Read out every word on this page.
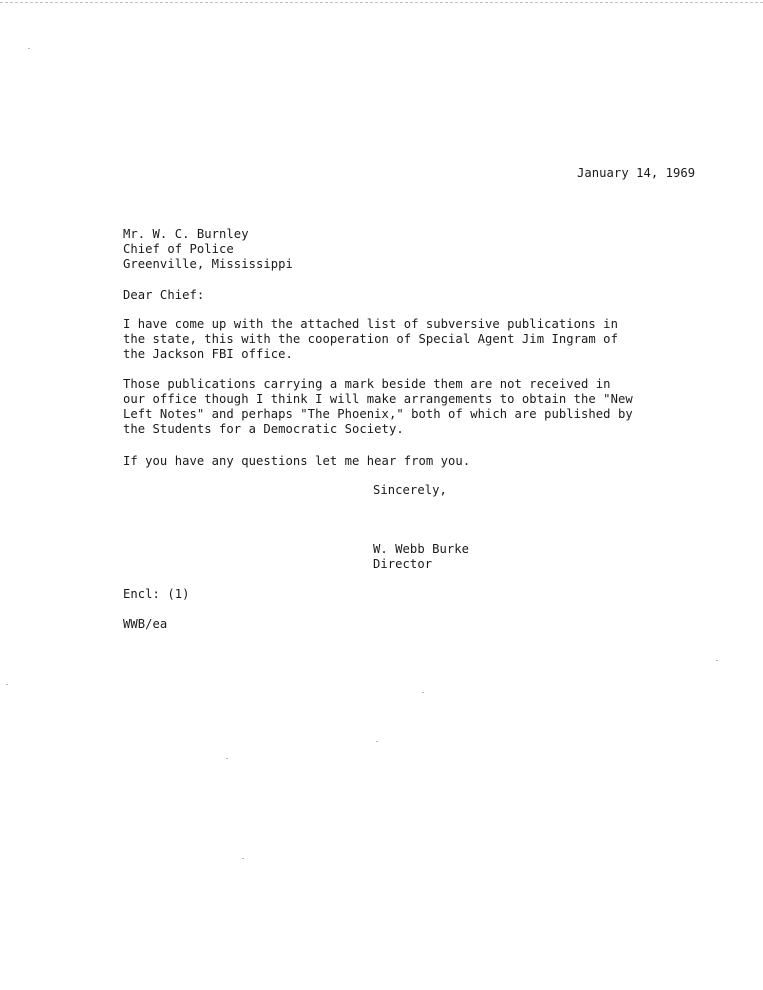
January 14, 1969
Mr. W. C. Burnley
Chief of Police
Greenville, Mississippi
Dear Chief:
I have come up with the attached list of subversive publications in
the state, this with the cooperation of Special Agent Jim Ingram of
the Jackson FBI office.
Those publications carrying a mark beside them are not received in
our office though I think I will make arrangements to obtain the "New
Left Notes" and perhaps "The Phoenix," both of which are published by
the Students for a Democratic Society.
If you have any questions let me hear from you.
Sincerely,
W. Webb Burke
Director
Encl: (1)
WWB/ea
